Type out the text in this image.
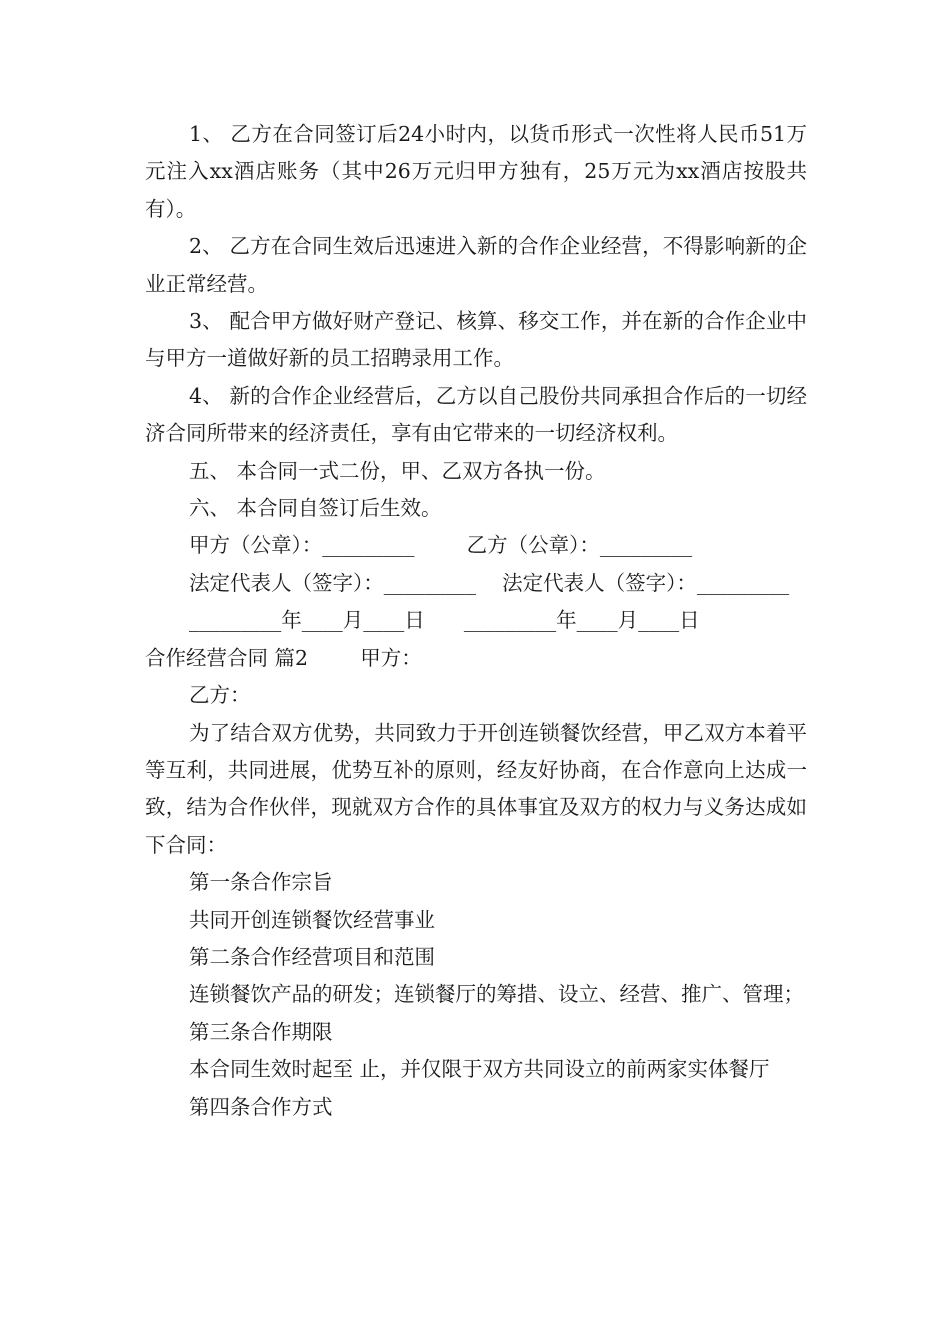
1、 乙方在合同签订后24小时内，以货币形式一次性将人民币51万元注入xx酒店账务（其中26万元归甲方独有，25万元为xx酒店按股共有）。

2、 乙方在合同生效后迅速进入新的合作企业经营，不得影响新的企业正常经营。

3、 配合甲方做好财产登记、核算、移交工作，并在新的合作企业中与甲方一道做好新的员工招聘录用工作。

4、 新的合作企业经营后，乙方以自己股份共同承担合作后的一切经济合同所带来的经济责任，享有由它带来的一切经济权利。

五、 本合同一式二份，甲、乙双方各执一份。

六、 本合同自签订后生效。

甲方（公章）：_________        乙方（公章）：_________

法定代表人（签字）：_________    法定代表人（签字）：_________

_________年____月____日      _________年____月____日

合作经营合同 篇2        甲方：

乙方：

为了结合双方优势，共同致力于开创连锁餐饮经营，甲乙双方本着平等互利，共同进展，优势互补的原则，经友好协商，在合作意向上达成一致，结为合作伙伴，现就双方合作的具体事宜及双方的权力与义务达成如下合同：

第一条合作宗旨

共同开创连锁餐饮经营事业

第二条合作经营项目和范围

连锁餐饮产品的研发；连锁餐厅的筹措、设立、经营、推广、管理；

第三条合作期限

本合同生效时起至 止，并仅限于双方共同设立的前两家实体餐厅

第四条合作方式
